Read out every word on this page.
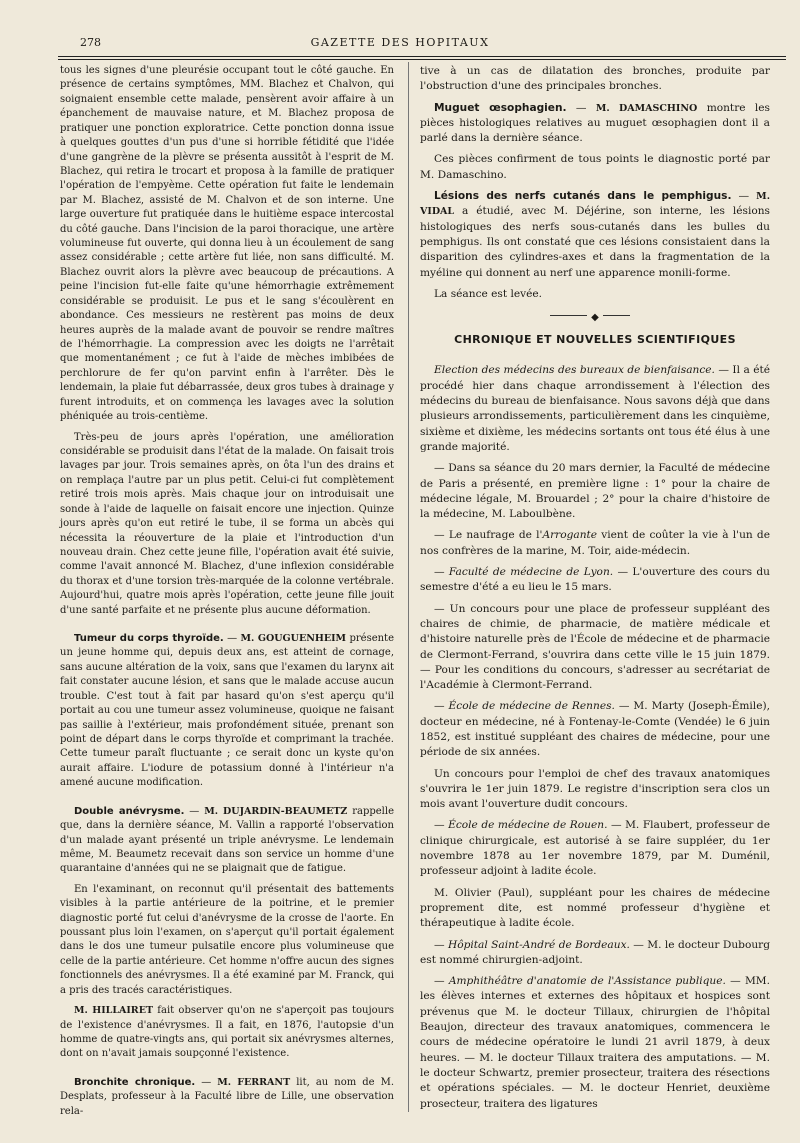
278	GAZETTE DES HOPITAUX

tous les signes d'une pleurésie occupant tout le côté gauche. En présence de certains symptômes, MM. Blachez et Chalvon, qui soignaient ensemble cette malade, pensèrent avoir affaire à un épanchement de mauvaise nature, et M. Blachez proposa de pratiquer une ponction exploratrice. Cette ponction donna issue à quelques gouttes d'un pus d'une si horrible fétidité que l'idée d'une gangrène de la plèvre se présenta aussitôt à l'esprit de M. Blachez, qui retira le trocart et proposa à la famille de pratiquer l'opération de l'empyème. Cette opération fut faite le lendemain par M. Blachez, assisté de M. Chalvon et de son interne. Une large ouverture fut pratiquée dans le huitième espace intercostal du côté gauche. Dans l'incision de la paroi thoracique, une artère volumineuse fut ouverte, qui donna lieu à un écoulement de sang assez considérable ; cette artère fut liée, non sans difficulté. M. Blachez ouvrit alors la plèvre avec beaucoup de précautions. A peine l'incision fut-elle faite qu'une hémorrhagie extrêmement considérable se produisit. Le pus et le sang s'écoulèrent en abondance. Ces messieurs ne restèrent pas moins de deux heures auprès de la malade avant de pouvoir se rendre maîtres de l'hémorrhagie. La compression avec les doigts ne l'arrêtait que momentanément ; ce fut à l'aide de mèches imbibées de perchlorure de fer qu'on parvint enfin à l'arrêter. Dès le lendemain, la plaie fut débarrassée, deux gros tubes à drainage y furent introduits, et on commença les lavages avec la solution phéniquée au trois-centième.

Très-peu de jours après l'opération, une amélioration considérable se produisit dans l'état de la malade. On faisait trois lavages par jour. Trois semaines après, on ôta l'un des drains et on remplaça l'autre par un plus petit. Celui-ci fut complètement retiré trois mois après. Mais chaque jour on introduisait une sonde à l'aide de laquelle on faisait encore une injection. Quinze jours après qu'on eut retiré le tube, il se forma un abcès qui nécessita la réouverture de la plaie et l'introduction d'un nouveau drain. Chez cette jeune fille, l'opération avait été suivie, comme l'avait annoncé M. Blachez, d'une inflexion considérable du thorax et d'une torsion très-marquée de la colonne vertébrale. Aujourd'hui, quatre mois après l'opération, cette jeune fille jouit d'une santé parfaite et ne présente plus aucune déformation.

Tumeur du corps thyroïde. — M. GOUGUENHEIM présente un jeune homme qui, depuis deux ans, est atteint de cornage, sans aucune altération de la voix, sans que l'examen du larynx ait fait constater aucune lésion, et sans que le malade accuse aucun trouble. C'est tout à fait par hasard qu'on s'est aperçu qu'il portait au cou une tumeur assez volumineuse, quoique ne faisant pas saillie à l'extérieur, mais profondément située, prenant son point de départ dans le corps thyroïde et comprimant la trachée. Cette tumeur paraît fluctuante ; ce serait donc un kyste qu'on aurait affaire. L'iodure de potassium donné à l'intérieur n'a amené aucune modification.

Double anévrysme. — M. DUJARDIN-BEAUMETZ rappelle que, dans la dernière séance, M. Vallin a rapporté l'observation d'un malade ayant présenté un triple anévrysme. Le lendemain même, M. Beaumetz recevait dans son service un homme d'une quarantaine d'années qui ne se plaignait que de fatigue.

En l'examinant, on reconnut qu'il présentait des battements visibles à la partie antérieure de la poitrine, et le premier diagnostic porté fut celui d'anévrysme de la crosse de l'aorte. En poussant plus loin l'examen, on s'aperçut qu'il portait également dans le dos une tumeur pulsatile encore plus volumineuse que celle de la partie antérieure. Cet homme n'offre aucun des signes fonctionnels des anévrysmes. Il a été examiné par M. Franck, qui a pris des tracés caractéristiques.

M. HILLAIRET fait observer qu'on ne s'aperçoit pas toujours de l'existence d'anévrysmes. Il a fait, en 1876, l'autopsie d'un homme de quatre-vingts ans, qui portait six anévrysmes alternes, dont on n'avait jamais soupçonné l'existence.

Bronchite chronique. — M. FERRANT lit, au nom de M. Desplats, professeur à la Faculté libre de Lille, une observation rela-

tive à un cas de dilatation des bronches, produite par l'obstruction d'une des principales bronches.

Muguet œsophagien. — M. DAMASCHINO montre les pièces histologiques relatives au muguet œsophagien dont il a parlé dans la dernière séance.

Ces pièces confirment de tous points le diagnostic porté par M. Damaschino.

Lésions des nerfs cutanés dans le pemphigus. — M. VIDAL a étudié, avec M. Déjérine, son interne, les lésions histologiques des nerfs sous-cutanés dans les bulles du pemphigus. Ils ont constaté que ces lésions consistaient dans la disparition des cylindres-axes et dans la fragmentation de la myéline qui donnent au nerf une apparence monili-forme.

La séance est levée.

◆
CHRONIQUE ET NOUVELLES SCIENTIFIQUES

Election des médecins des bureaux de bienfaisance. — Il a été procédé hier dans chaque arrondissement à l'élection des médecins du bureau de bienfaisance. Nous savons déjà que dans plusieurs arrondissements, particulièrement dans les cinquième, sixième et dixième, les médecins sortants ont tous été élus à une grande majorité.

— Dans sa séance du 20 mars dernier, la Faculté de médecine de Paris a présenté, en première ligne : 1° pour la chaire de médecine légale, M. Brouardel ; 2° pour la chaire d'histoire de la médecine, M. Laboulbène.

— Le naufrage de l'Arrogante vient de coûter la vie à l'un de nos confrères de la marine, M. Toir, aide-médecin.

— Faculté de médecine de Lyon. — L'ouverture des cours du semestre d'été a eu lieu le 15 mars.

— Un concours pour une place de professeur suppléant des chaires de chimie, de pharmacie, de matière médicale et d'histoire naturelle près de l'École de médecine et de pharmacie de Clermont-Ferrand, s'ouvrira dans cette ville le 15 juin 1879. — Pour les conditions du concours, s'adresser au secrétariat de l'Académie à Clermont-Ferrand.

— École de médecine de Rennes. — M. Marty (Joseph-Émile), docteur en médecine, né à Fontenay-le-Comte (Vendée) le 6 juin 1852, est institué suppléant des chaires de médecine, pour une période de six années.

Un concours pour l'emploi de chef des travaux anatomiques s'ouvrira le 1er juin 1879. Le registre d'inscription sera clos un mois avant l'ouverture dudit concours.

— École de médecine de Rouen. — M. Flaubert, professeur de clinique chirurgicale, est autorisé à se faire suppléer, du 1er novembre 1878 au 1er novembre 1879, par M. Duménil, professeur adjoint à ladite école.

M. Olivier (Paul), suppléant pour les chaires de médecine proprement dite, est nommé professeur d'hygiène et thérapeutique à ladite école.

— Hôpital Saint-André de Bordeaux. — M. le docteur Dubourg est nommé chirurgien-adjoint.

— Amphithéâtre d'anatomie de l'Assistance publique. — MM. les élèves internes et externes des hôpitaux et hospices sont prévenus que M. le docteur Tillaux, chirurgien de l'hôpital Beaujon, directeur des travaux anatomiques, commencera le cours de médecine opératoire le lundi 21 avril 1879, à deux heures. — M. le docteur Tillaux traitera des amputations. — M. le docteur Schwartz, premier prosecteur, traitera des résections et opérations spéciales. — M. le docteur Henriet, deuxième prosecteur, traitera des ligatures
